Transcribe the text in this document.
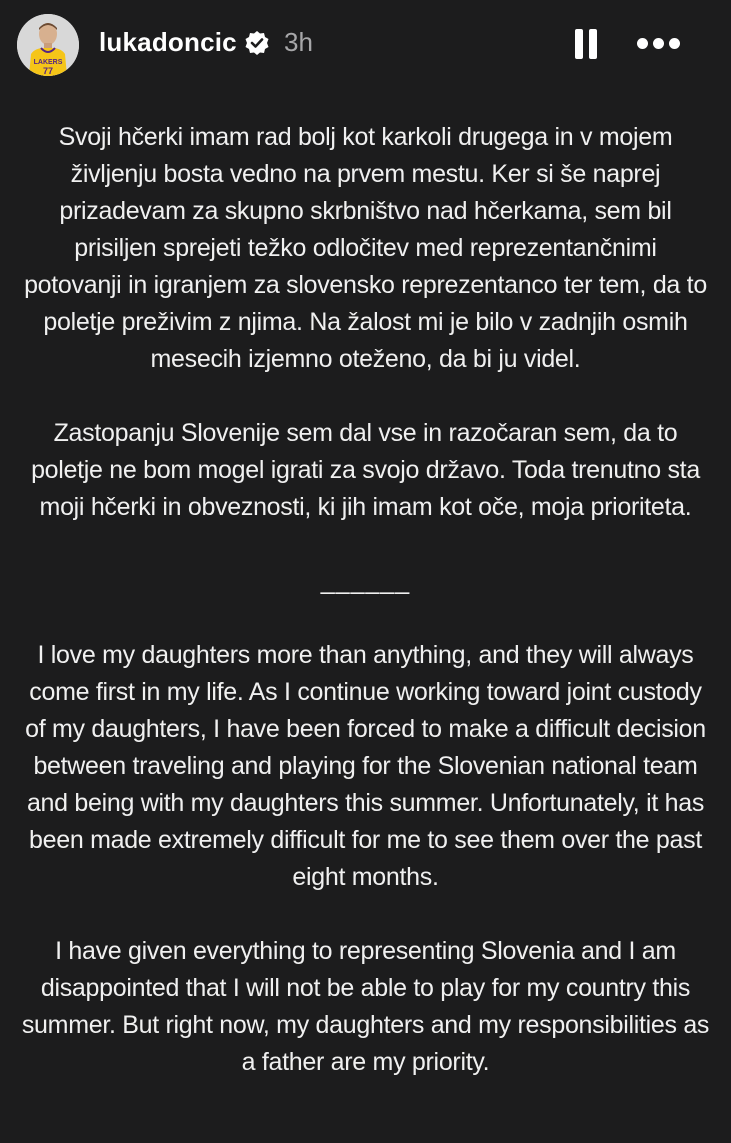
LAKERS
77
lukadoncic 3h

Svoji hčerki imam rad bolj kot karkoli drugega in v mojem

življenju bosta vedno na prvem mestu. Ker si še naprej

prizadevam za skupno skrbništvo nad hčerkama, sem bil

prisiljen sprejeti težko odločitev med reprezentančnimi

potovanji in igranjem za slovensko reprezentanco ter tem, da to

poletje preživim z njima. Na žalost mi je bilo v zadnjih osmih

mesecih izjemno oteženo, da bi ju videl.

Zastopanju Slovenije sem dal vse in razočaran sem, da to

poletje ne bom mogel igrati za svojo državo. Toda trenutno sta

moji hčerki in obveznosti, ki jih imam kot oče, moja prioriteta.

______

I love my daughters more than anything, and they will always

come first in my life. As I continue working toward joint custody

of my daughters, I have been forced to make a difficult decision

between traveling and playing for the Slovenian national team

and being with my daughters this summer. Unfortunately, it has

been made extremely difficult for me to see them over the past

eight months.

I have given everything to representing Slovenia and I am

disappointed that I will not be able to play for my country this

summer. But right now, my daughters and my responsibilities as

a father are my priority.
